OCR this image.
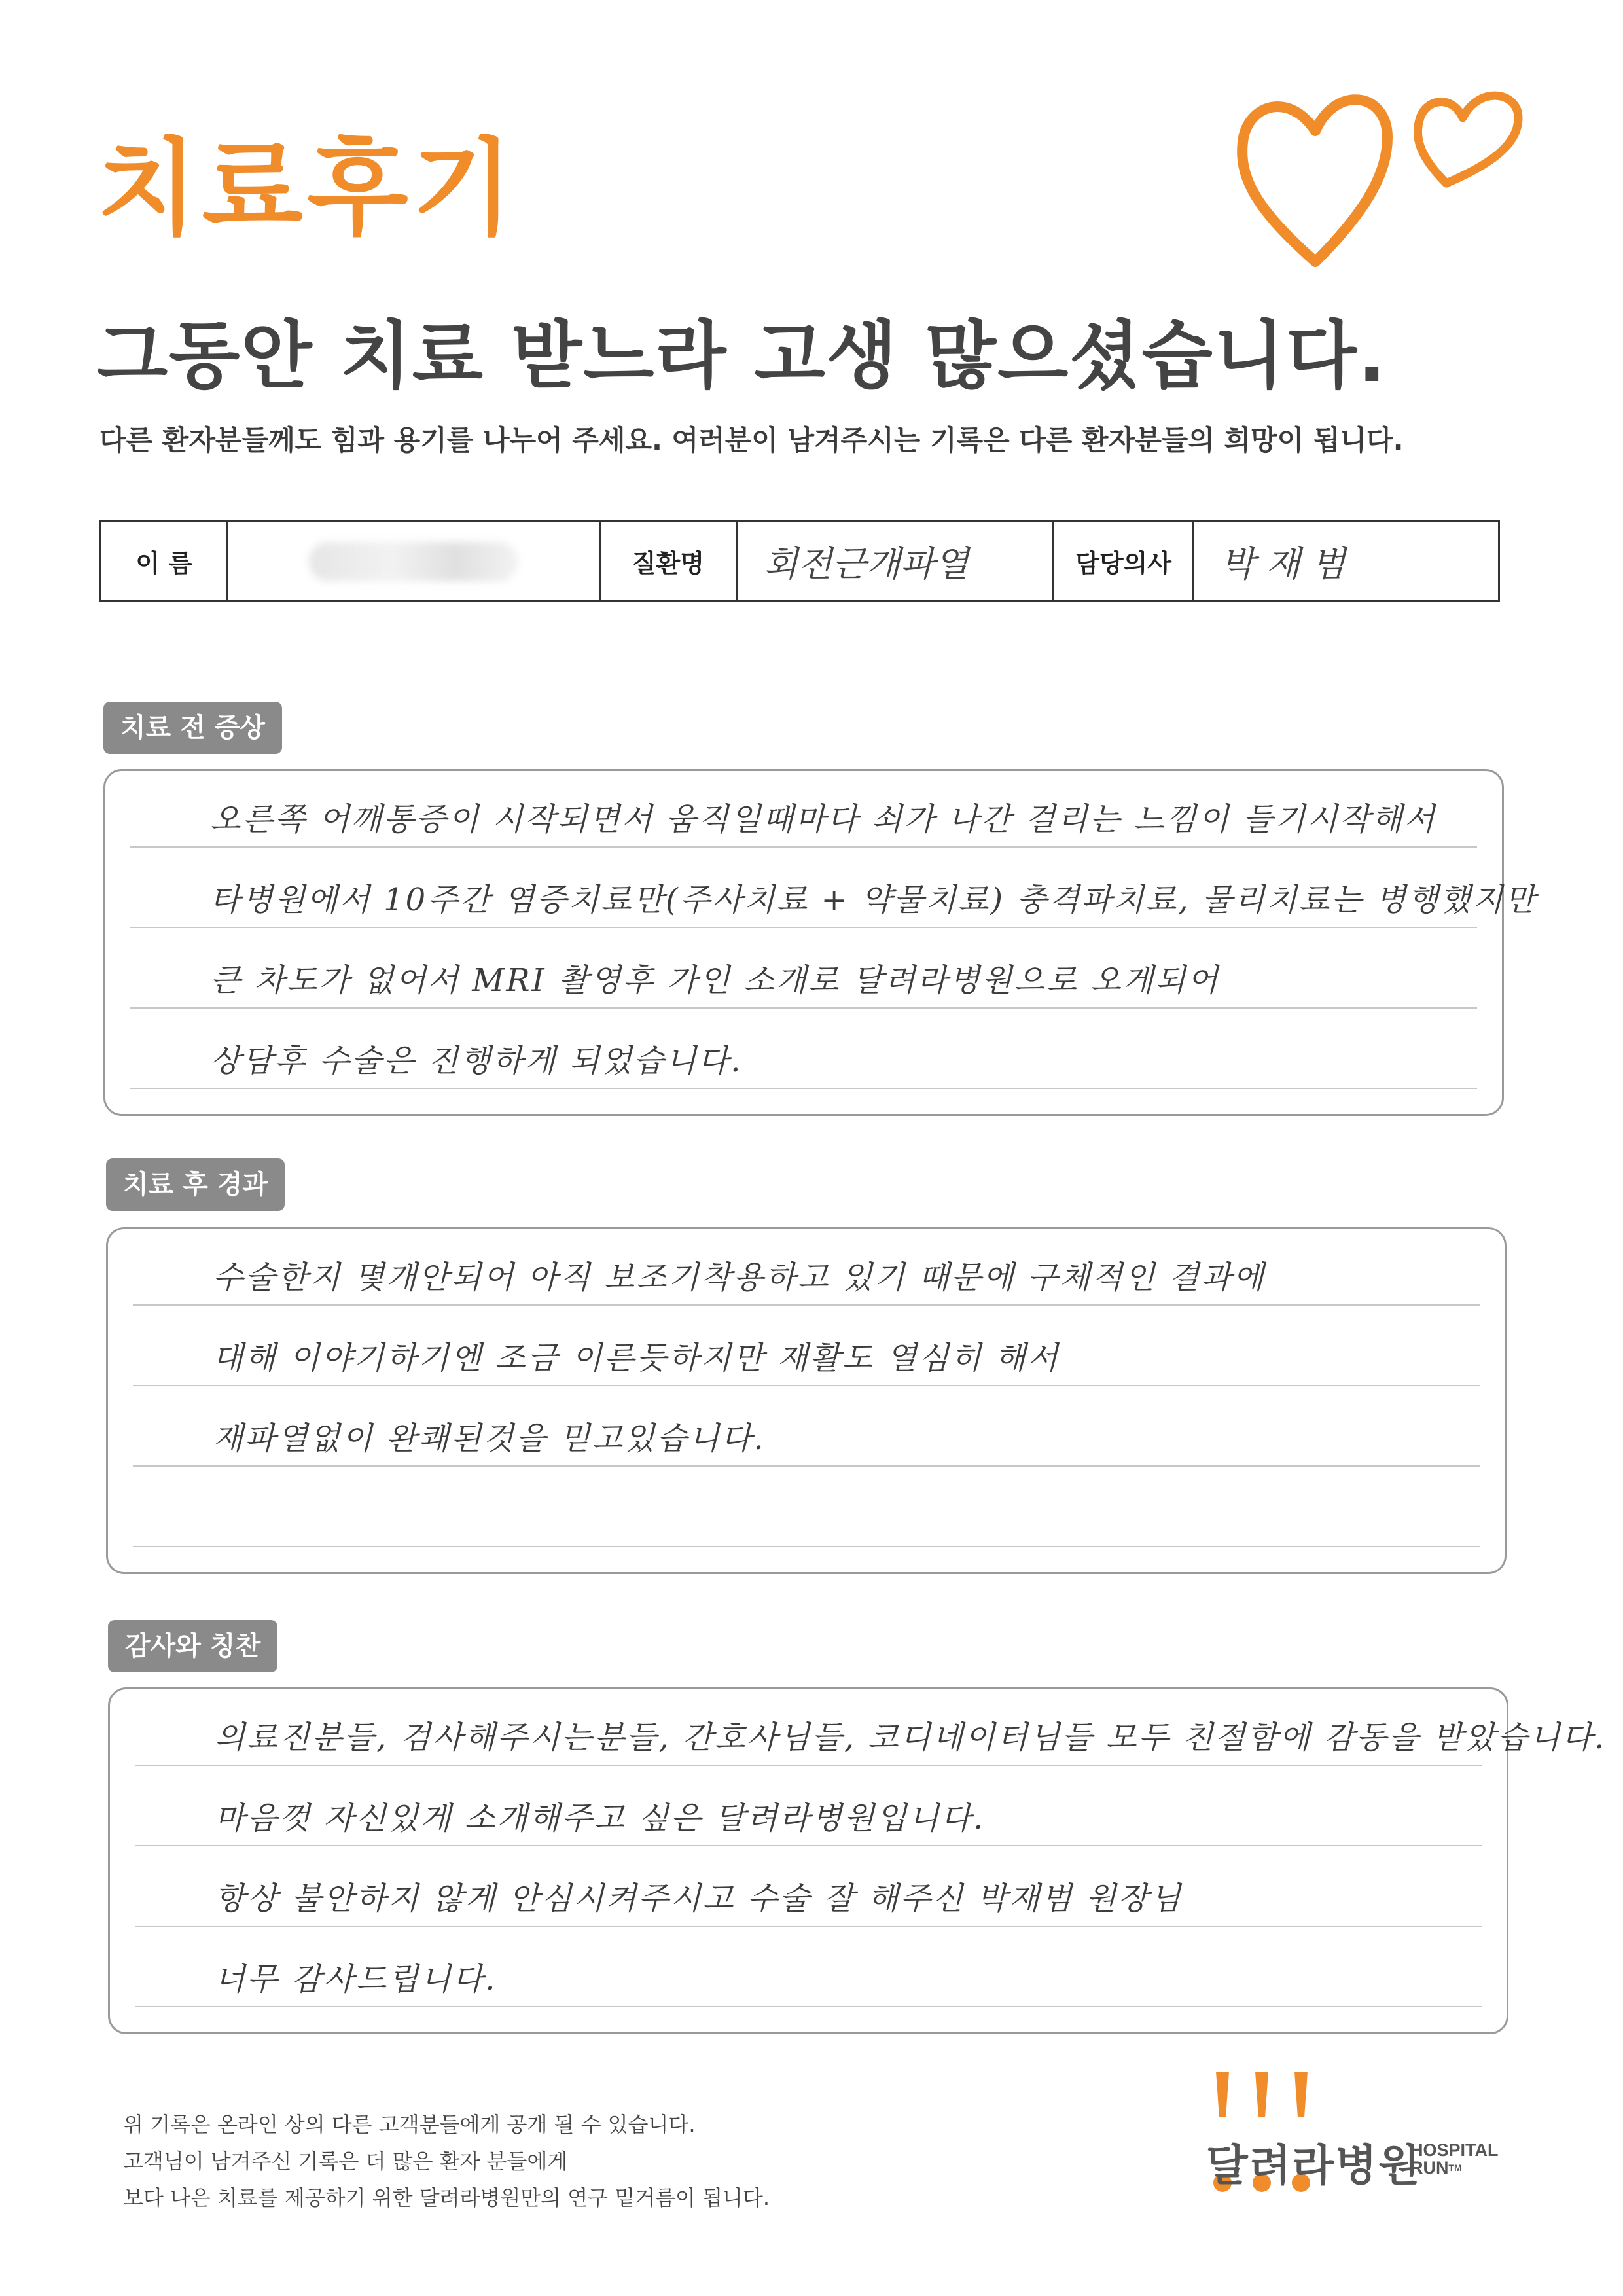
치료후기
그동안 치료 받느라 고생 많으셨습니다.
다른 환자분들께도 힘과 용기를 나누어 주세요. 여러분이 남겨주시는 기록은 다른 환자분들의 희망이 됩니다.
이 름	질환명	회전근개파열	담당의사	박 재 범
치료 전 증상
오른쪽 어깨통증이 시작되면서 움직일때마다 쇠가 나간 걸리는 느낌이 들기시작해서
타병원에서 10주간 염증치료만(주사치료 + 약물치료) 충격파치료, 물리치료는 병행했지만
큰 차도가 없어서 MRI 촬영후 가인 소개로 달려라병원으로 오게되어
상담후 수술은 진행하게 되었습니다.
치료 후 경과
수술한지 몇개안되어 아직 보조기착용하고 있기 때문에 구체적인 결과에
대해 이야기하기엔 조금 이른듯하지만 재활도 열심히 해서
재파열없이 완쾌된것을 믿고있습니다.
감사와 칭찬
의료진분들, 검사해주시는분들, 간호사님들, 코디네이터님들 모두 친절함에 감동을 받았습니다.
마음껏 자신있게 소개해주고 싶은 달려라병원입니다.
항상 불안하지 않게 안심시켜주시고 수술 잘 해주신 박재범 원장님
너무 감사드립니다.
위 기록은 온라인 상의 다른 고객분들에게 공개 될 수 있습니다.
고객님이 남겨주신 기록은 더 많은 환자 분들에게
보다 나은 치료를 제공하기 위한 달려라병원만의 연구 밑거름이 됩니다.
달려라병원
HOSPITAL
RUN™
